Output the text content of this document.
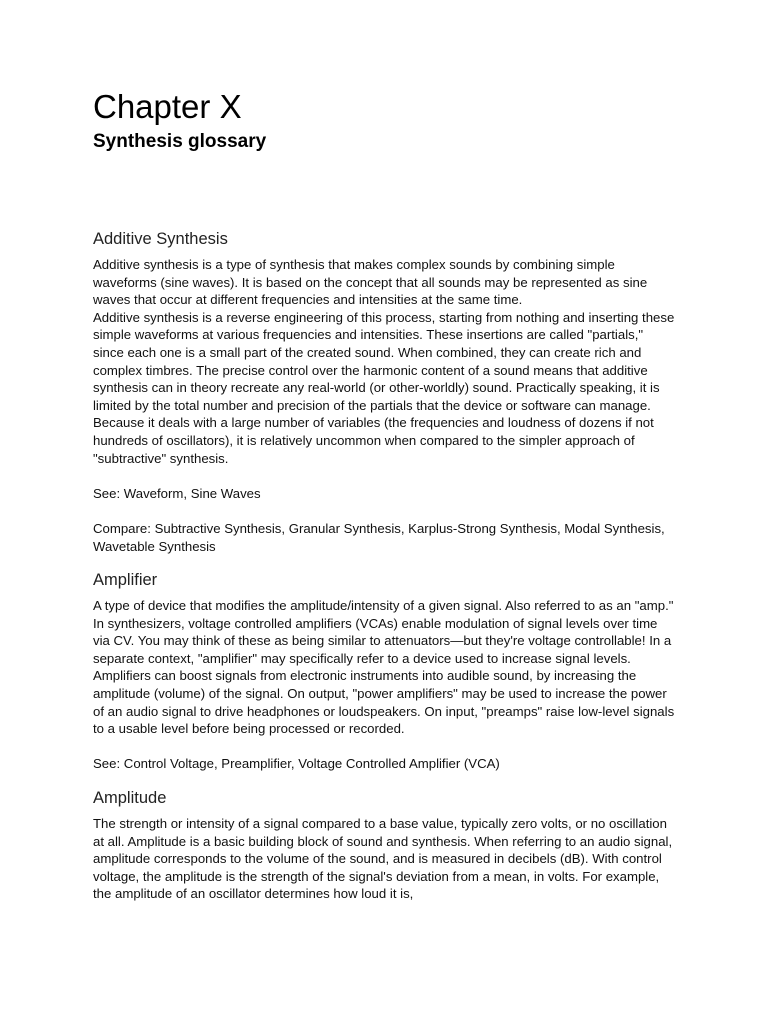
Chapter X
Synthesis glossary
Additive Synthesis

Additive synthesis is a type of synthesis that makes complex sounds by combining simple waveforms (sine waves). It is based on the concept that all sounds may be represented as sine waves that occur at different frequencies and intensities at the same time.

Additive synthesis is a reverse engineering of this process, starting from nothing and inserting these simple waveforms at various frequencies and intensities. These insertions are called "partials," since each one is a small part of the created sound. When combined, they can create rich and complex timbres. The precise control over the harmonic content of a sound means that additive synthesis can in theory recreate any real-world (or other-worldly) sound. Practically speaking, it is limited by the total number and precision of the partials that the device or software can manage. Because it deals with a large number of variables (the frequencies and loudness of dozens if not hundreds of oscillators), it is relatively uncommon when compared to the simpler approach of "subtractive" synthesis.

See: Waveform, Sine Waves

Compare: Subtractive Synthesis, Granular Synthesis, Karplus-Strong Synthesis, Modal Synthesis, Wavetable Synthesis

Amplifier

A type of device that modifies the amplitude/intensity of a given signal. Also referred to as an "amp." In synthesizers, voltage controlled amplifiers (VCAs) enable modulation of signal levels over time via CV. You may think of these as being similar to attenuators—but they're voltage controllable! In a separate context, "amplifier" may specifically refer to a device used to increase signal levels. Amplifiers can boost signals from electronic instruments into audible sound, by increasing the amplitude (volume) of the signal. On output, "power amplifiers" may be used to increase the power of an audio signal to drive headphones or loudspeakers. On input, "preamps" raise low-level signals to a usable level before being processed or recorded.

See: Control Voltage, Preamplifier, Voltage Controlled Amplifier (VCA)

Amplitude

The strength or intensity of a signal compared to a base value, typically zero volts, or no oscillation at all. Amplitude is a basic building block of sound and synthesis. When referring to an audio signal, amplitude corresponds to the volume of the sound, and is measured in decibels (dB). With control voltage, the amplitude is the strength of the signal's deviation from a mean, in volts. For example, the amplitude of an oscillator determines how loud it is,
